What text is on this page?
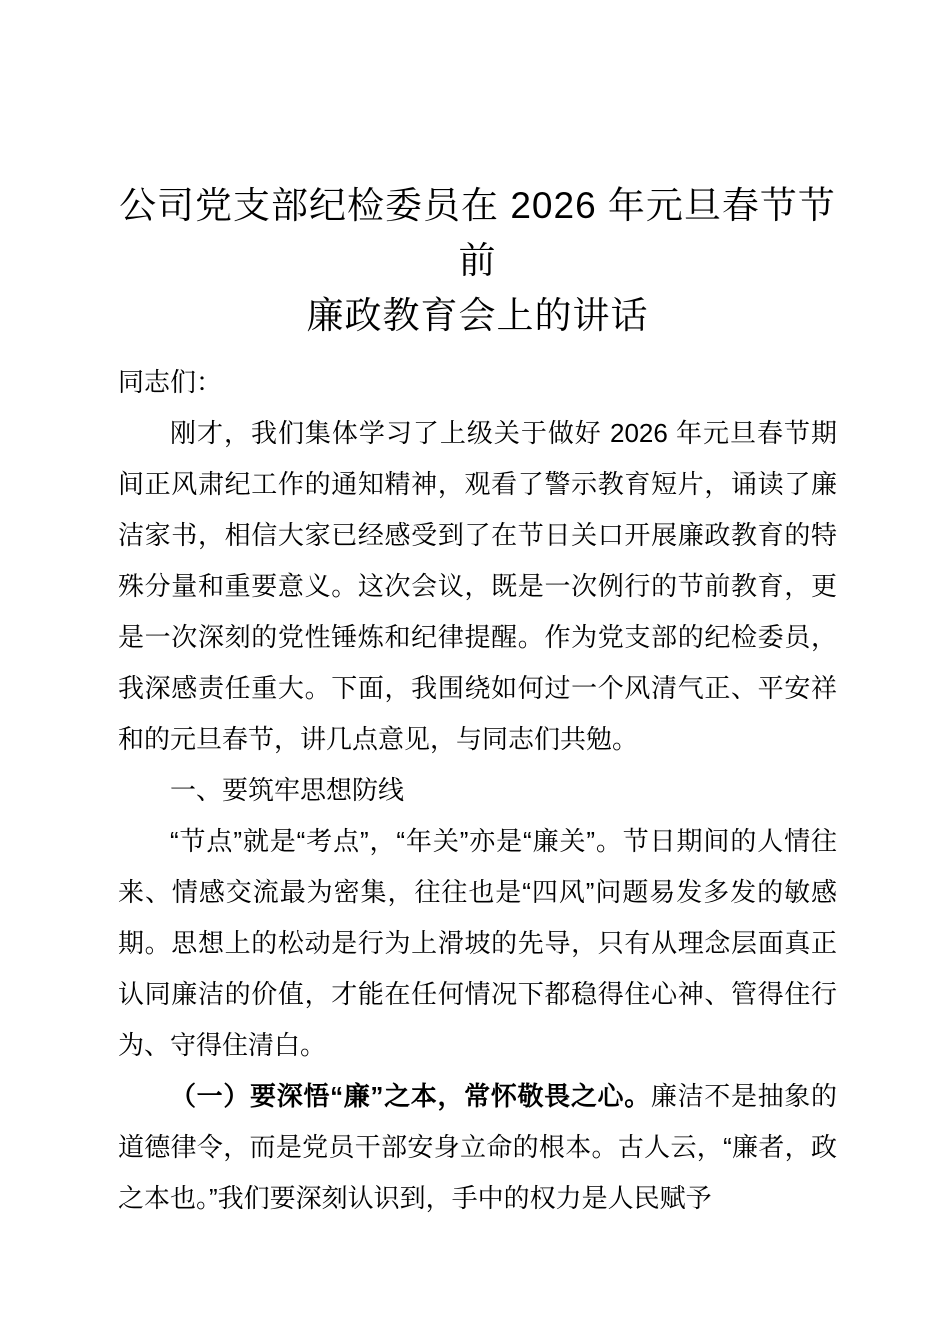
公司党支部纪检委员在 2026 年元旦春节节前
廉政教育会上的讲话

同志们：

刚才，我们集体学习了上级关于做好 2026 年元旦春节期间正风肃纪工作的通知精神，观看了警示教育短片，诵读了廉洁家书，相信大家已经感受到了在节日关口开展廉政教育的特殊分量和重要意义。这次会议，既是一次例行的节前教育，更是一次深刻的党性锤炼和纪律提醒。作为党支部的纪检委员，我深感责任重大。下面，我围绕如何过一个风清气正、平安祥和的元旦春节，讲几点意见，与同志们共勉。

一、要筑牢思想防线

“节点”就是“考点”，“年关”亦是“廉关”。节日期间的人情往来、情感交流最为密集，往往也是“四风”问题易发多发的敏感期。思想上的松动是行为上滑坡的先导，只有从理念层面真正认同廉洁的价值，才能在任何情况下都稳得住心神、管得住行为、守得住清白。

（一）要深悟“廉”之本，常怀敬畏之心。廉洁不是抽象的道德律令，而是党员干部安身立命的根本。古人云，“廉者，政之本也。”我们要深刻认识到，手中的权力是人民赋予
